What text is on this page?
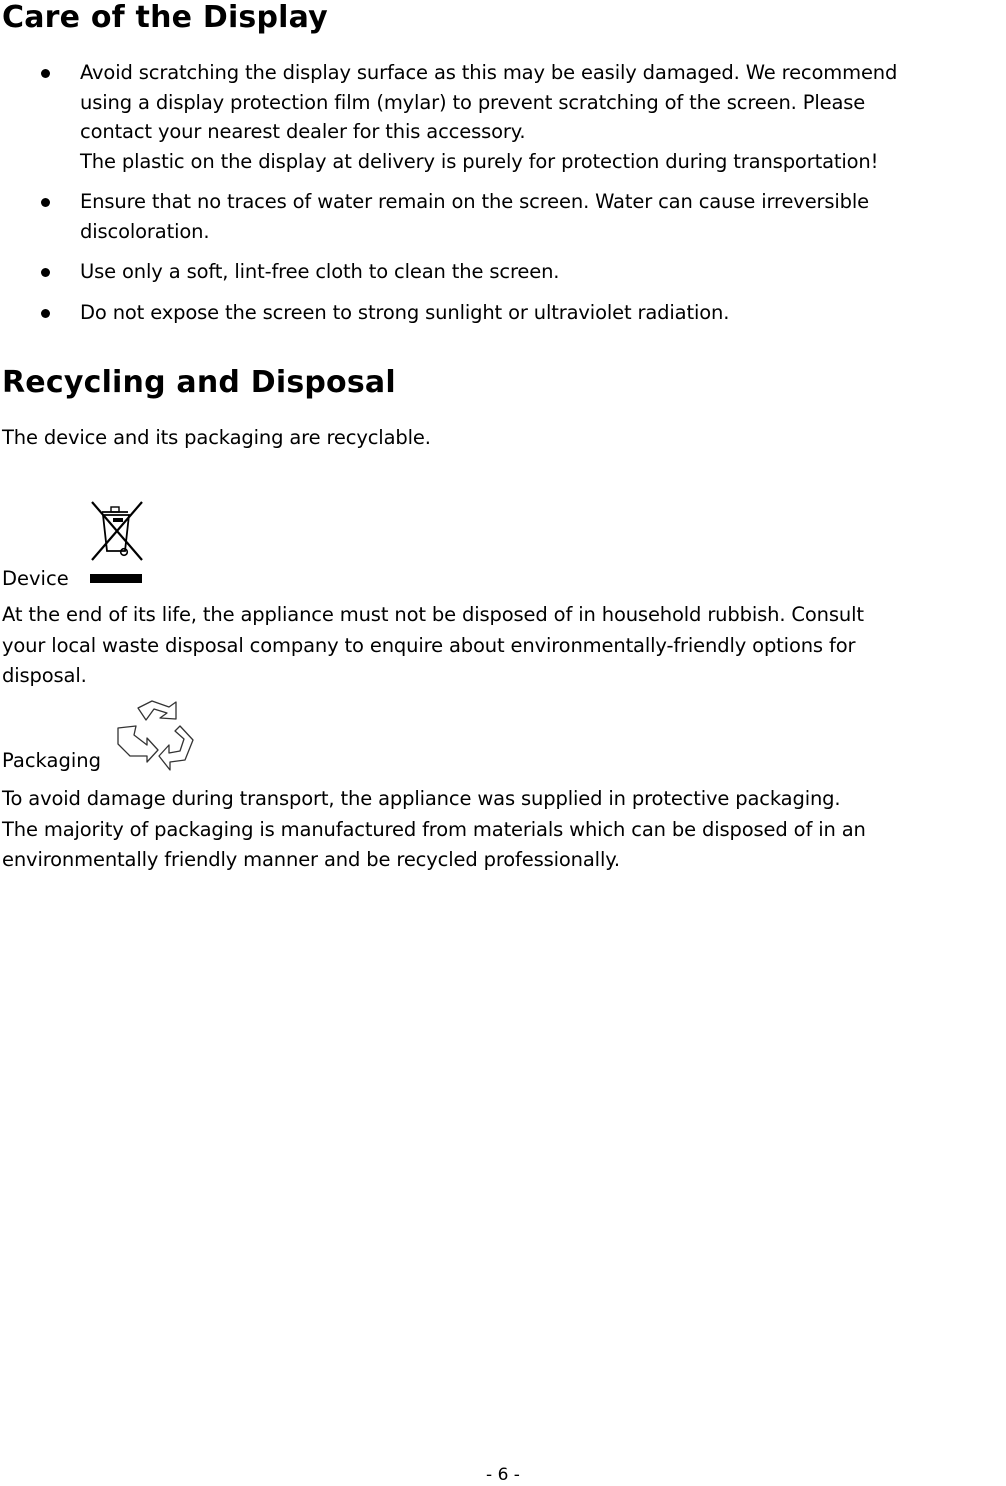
Care of the Display
Avoid scratching the display surface as this may be easily damaged. We recommend
using a display protection film (mylar) to prevent scratching of the screen. Please
contact your nearest dealer for this accessory.
The plastic on the display at delivery is purely for protection during transportation!
Ensure that no traces of water remain on the screen. Water can cause irreversible
discoloration.
Use only a soft, lint-free cloth to clean the screen.
Do not expose the screen to strong sunlight or ultraviolet radiation.
Recycling and Disposal

The device and its packaging are recyclable.

Device

At the end of its life, the appliance must not be disposed of in household rubbish. Consult
your local waste disposal company to enquire about environmentally-friendly options for
disposal.

Packaging

To avoid damage during transport, the appliance was supplied in protective packaging.
The majority of packaging is manufactured from materials which can be disposed of in an
environmentally friendly manner and be recycled professionally.

- 6 -
